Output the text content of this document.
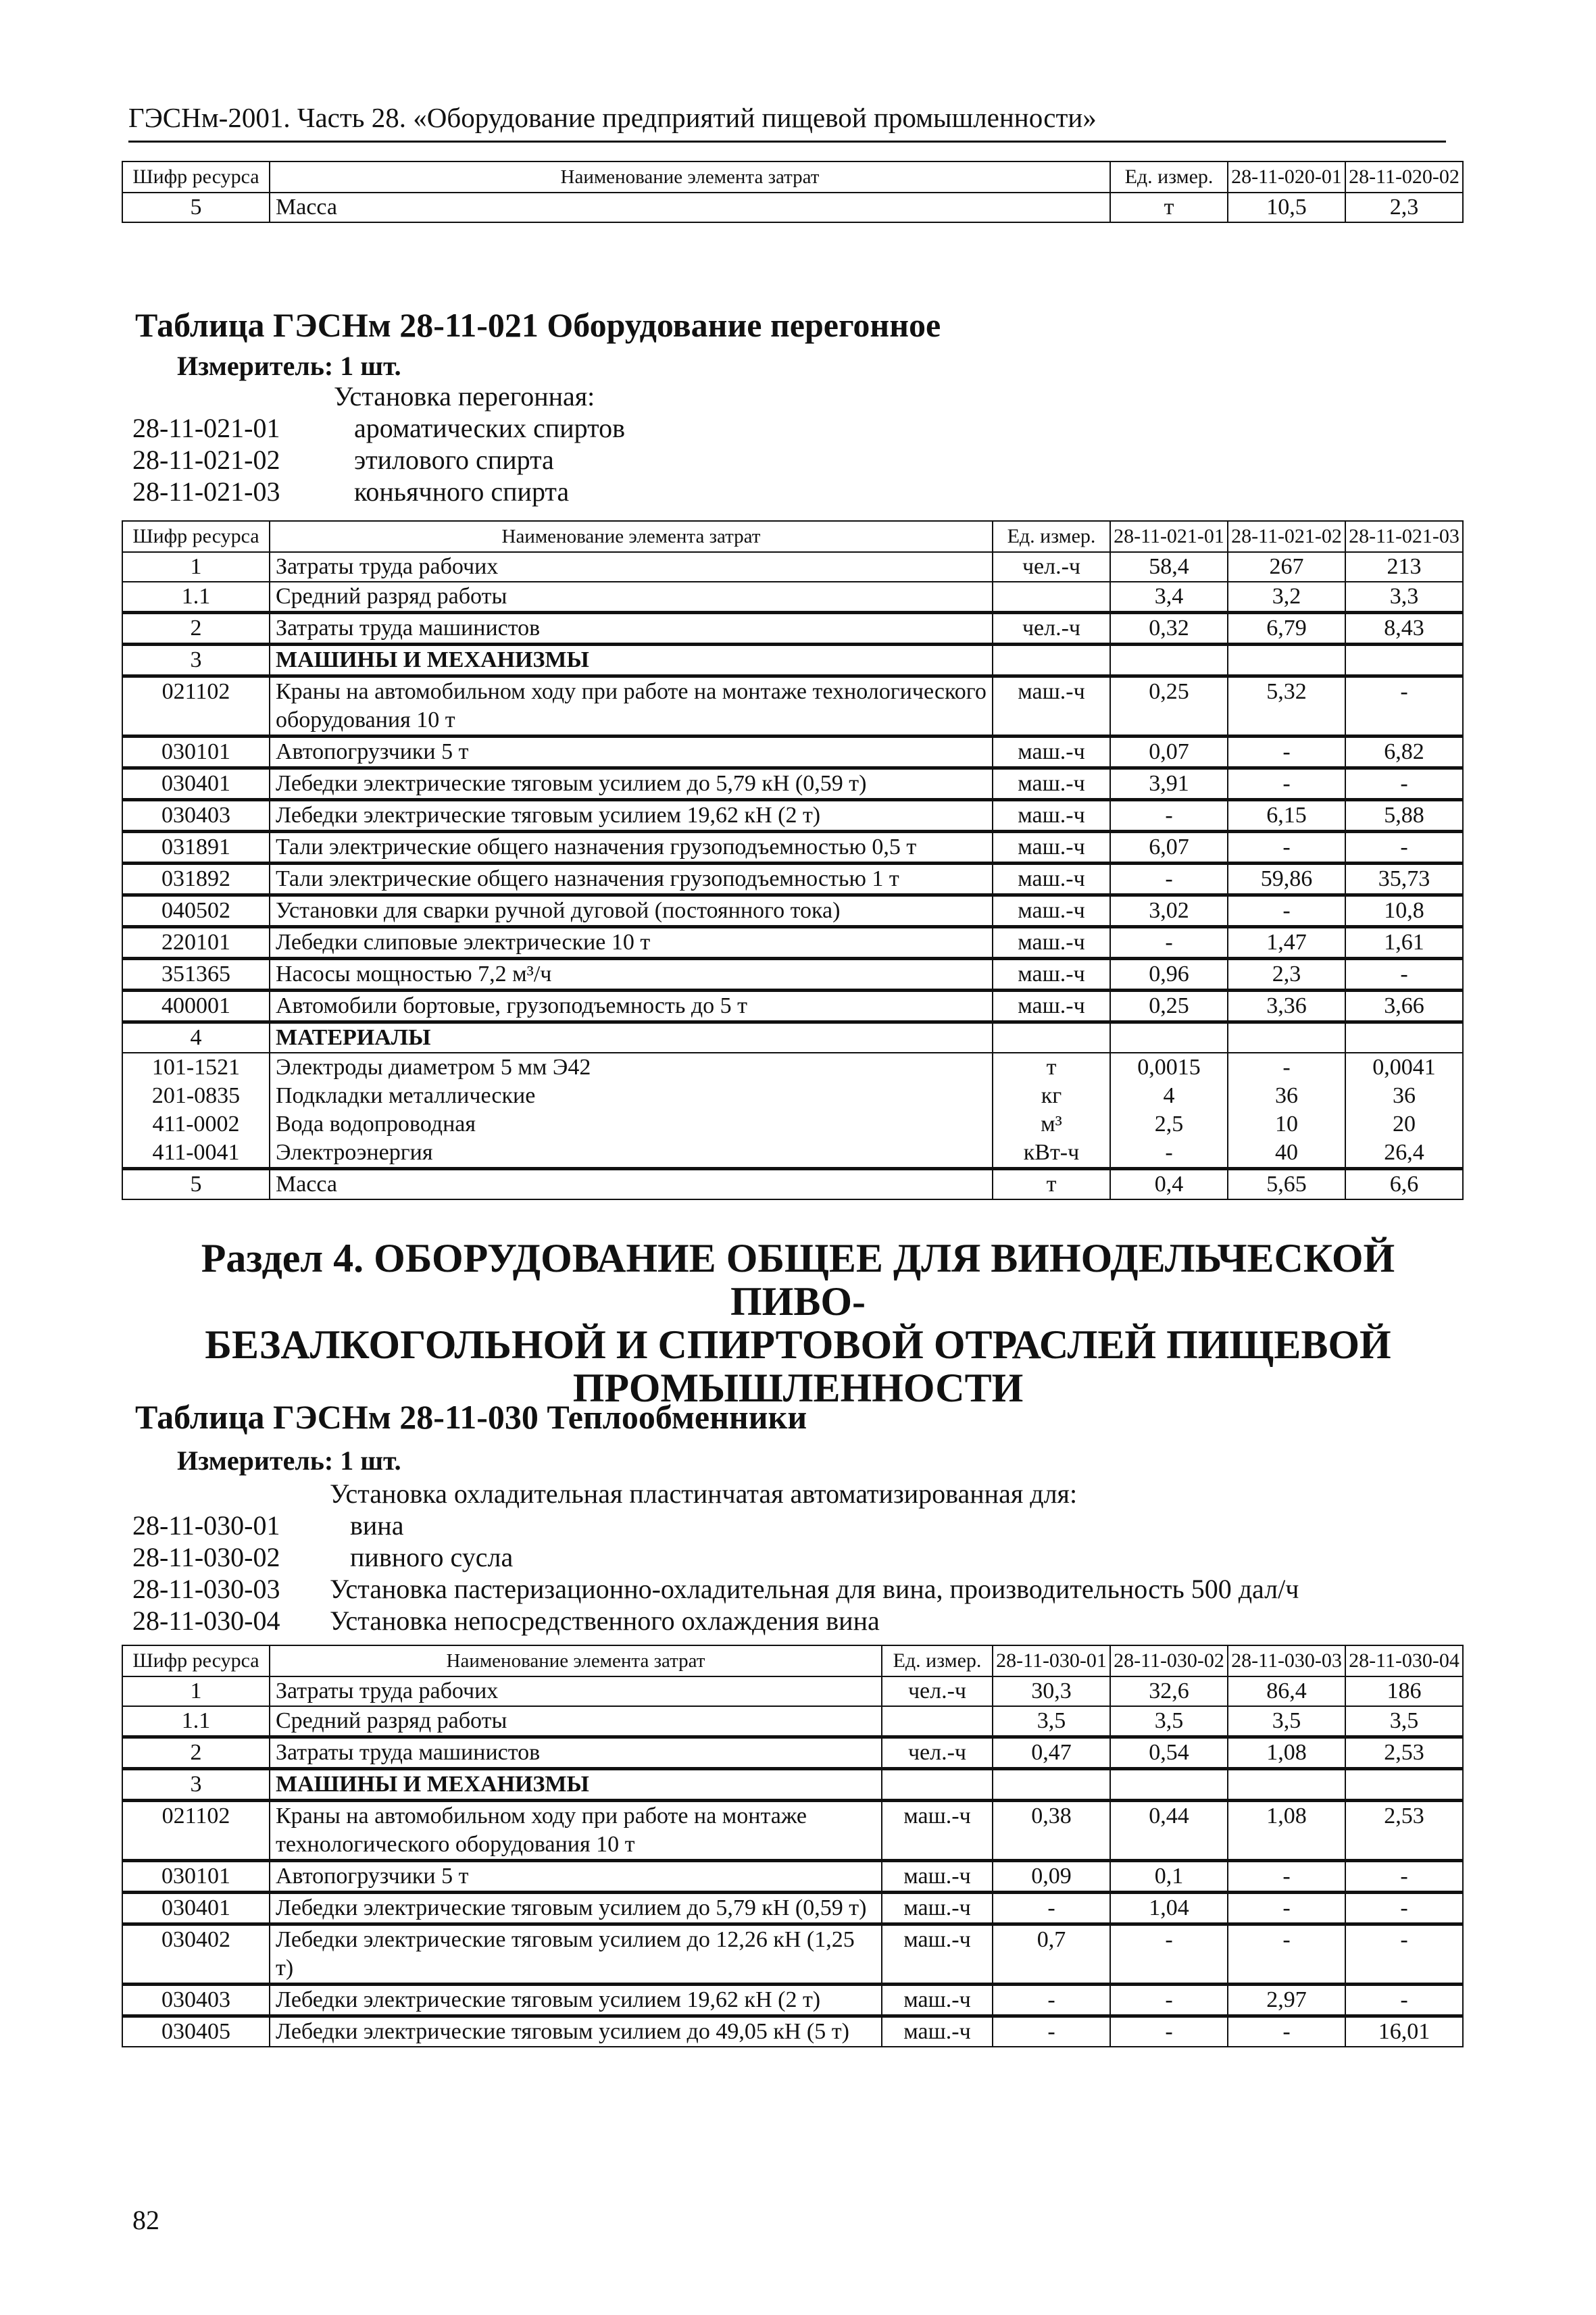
ГЭСНм-2001. Часть 28. «Оборудование предприятий пищевой промышленности»
Шифр ресурса	Наименование элемента затрат	Ед. измер.	28-11-020-01	28-11-020-02
5	Масса	т	10,5	2,3
Таблица ГЭСНм 28-11-021 Оборудование перегонное
Измеритель: 1 шт.
Установка перегонная:
28-11-021-01	ароматических спиртов
28-11-021-02	этилового спирта
28-11-021-03	коньячного спирта
Шифр ресурса	Наименование элемента затрат	Ед. измер.	28-11-021-01	28-11-021-02	28-11-021-03
1	Затраты труда рабочих	чел.-ч	58,4	267	213
1.1	Средний разряд работы		3,4	3,2	3,3
2	Затраты труда машинистов	чел.-ч	0,32	6,79	8,43
3	МАШИНЫ И МЕХАНИЗМЫ				
021102	Краны на автомобильном ходу при работе на монтаже технологического оборудования 10 т	маш.-ч	0,25	5,32	-
030101	Автопогрузчики 5 т	маш.-ч	0,07	-	6,82
030401	Лебедки электрические тяговым усилием до 5,79 кН (0,59 т)	маш.-ч	3,91	-	-
030403	Лебедки электрические тяговым усилием 19,62 кН (2 т)	маш.-ч	-	6,15	5,88
031891	Тали электрические общего назначения грузоподъемностью 0,5 т	маш.-ч	6,07	-	-
031892	Тали электрические общего назначения грузоподъемностью 1 т	маш.-ч	-	59,86	35,73
040502	Установки для сварки ручной дуговой (постоянного тока)	маш.-ч	3,02	-	10,8
220101	Лебедки слиповые электрические 10 т	маш.-ч	-	1,47	1,61
351365	Насосы мощностью 7,2 м³/ч	маш.-ч	0,96	2,3	-
400001	Автомобили бортовые, грузоподъемность до 5 т	маш.-ч	0,25	3,36	3,66
4	МАТЕРИАЛЫ				
101-1521	Электроды диаметром 5 мм Э42	т	0,0015	-	0,0041
201-0835	Подкладки металлические	кг	4	36	36
411-0002	Вода водопроводная	м³	2,5	10	20
411-0041	Электроэнергия	кВт-ч	-	40	26,4
5	Масса	т	0,4	5,65	6,6
Раздел 4. ОБОРУДОВАНИЕ ОБЩЕЕ ДЛЯ ВИНОДЕЛЬЧЕСКОЙ ПИВО-
БЕЗАЛКОГОЛЬНОЙ И СПИРТОВОЙ ОТРАСЛЕЙ ПИЩЕВОЙ
ПРОМЫШЛЕННОСТИ
Таблица ГЭСНм 28-11-030 Теплообменники
Измеритель: 1 шт.
Установка охладительная пластинчатая автоматизированная для:
28-11-030-01	вина
28-11-030-02	пивного сусла
28-11-030-03 Установка пастеризационно-охладительная для вина, производительность 500 дал/ч
28-11-030-04 Установка непосредственного охлаждения вина
Шифр ресурса	Наименование элемента затрат	Ед. измер.	28-11-030-01	28-11-030-02	28-11-030-03	28-11-030-04
1	Затраты труда рабочих	чел.-ч	30,3	32,6	86,4	186
1.1	Средний разряд работы		3,5	3,5	3,5	3,5
2	Затраты труда машинистов	чел.-ч	0,47	0,54	1,08	2,53
3	МАШИНЫ И МЕХАНИЗМЫ					
021102	Краны на автомобильном ходу при работе на монтаже технологического оборудования 10 т	маш.-ч	0,38	0,44	1,08	2,53
030101	Автопогрузчики 5 т	маш.-ч	0,09	0,1	-	-
030401	Лебедки электрические тяговым усилием до 5,79 кН (0,59 т)	маш.-ч	-	1,04	-	-
030402	Лебедки электрические тяговым усилием до 12,26 кН (1,25 т)	маш.-ч	0,7	-	-	-
030403	Лебедки электрические тяговым усилием 19,62 кН (2 т)	маш.-ч	-	-	2,97	-
030405	Лебедки электрические тяговым усилием до 49,05 кН (5 т)	маш.-ч	-	-	-	16,01
82
